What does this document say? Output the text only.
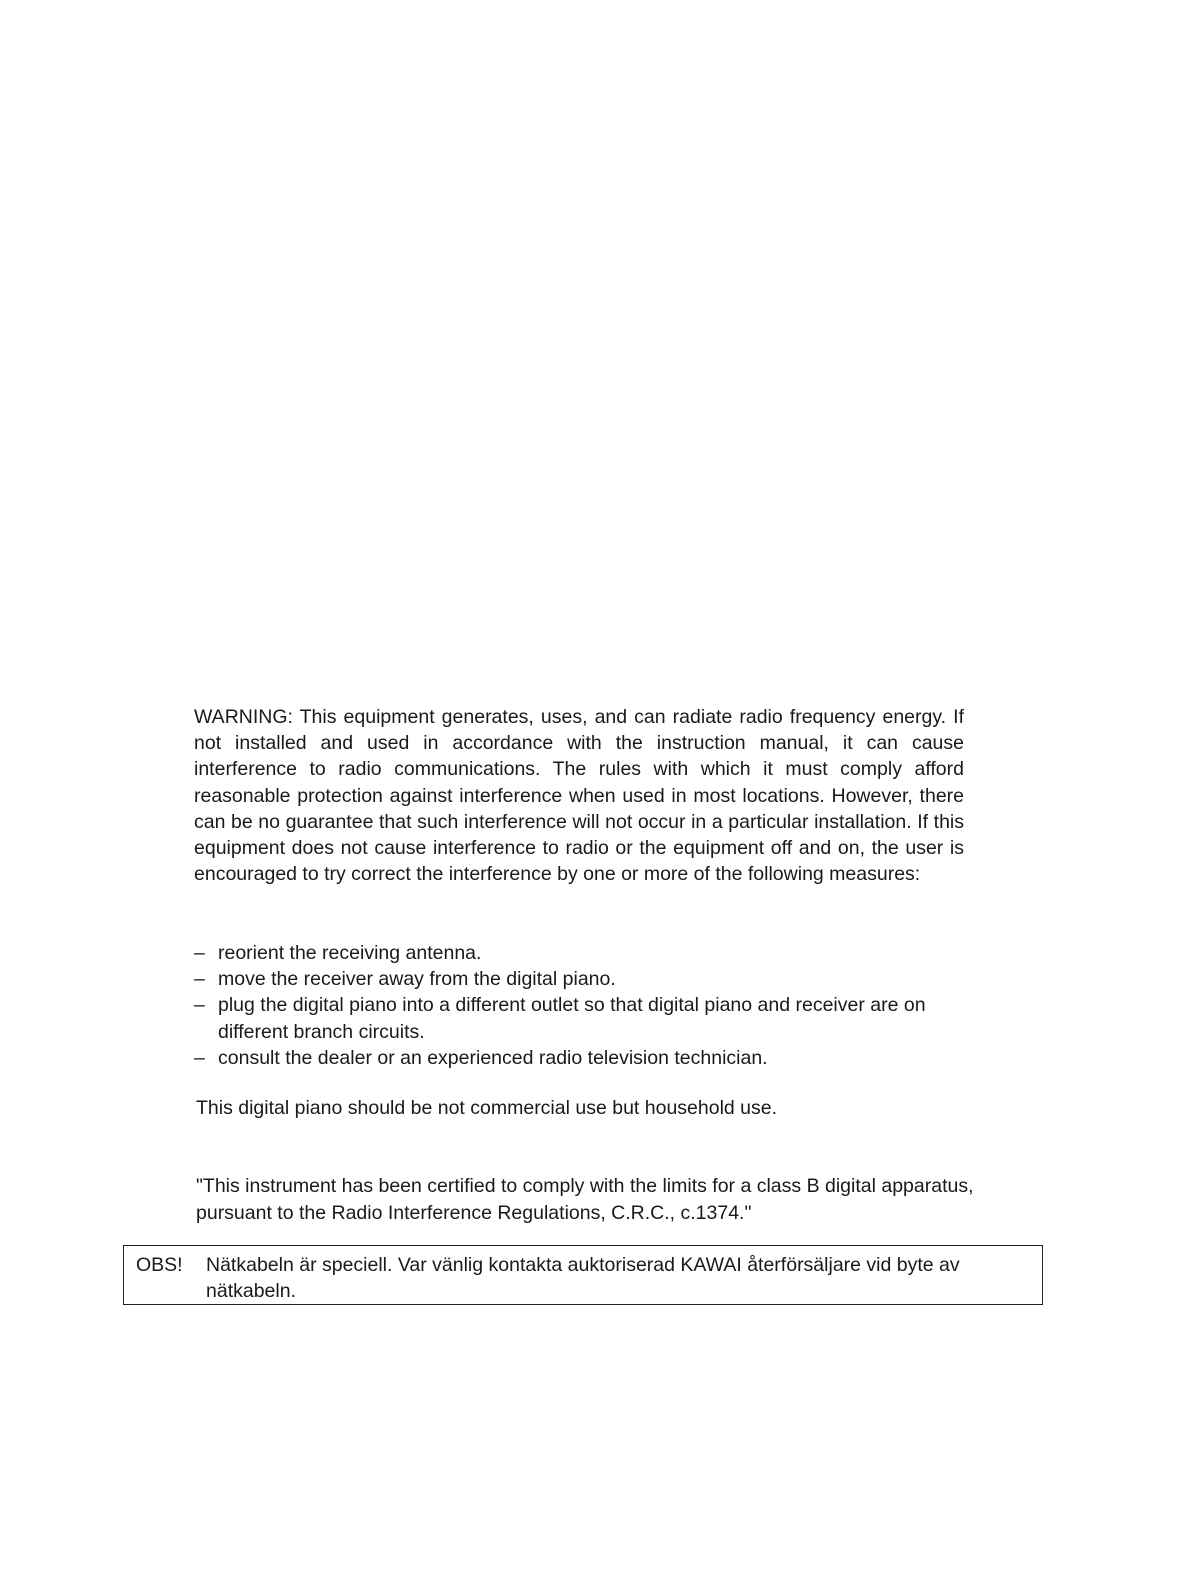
WARNING: This equipment generates, uses, and can radiate radio frequency energy. If not installed and used in accordance with the instruction manual, it can cause interference to radio communications. The rules with which it must comply afford reasonable protection against interference when used in most locations. However, there can be no guarantee that such interference will not occur in a particular installation. If this equipment does not cause interference to radio or the equipment off and on, the user is encouraged to try correct the interference by one or more of the following measures:

– reorient the receiving antenna.
– move the receiver away from the digital piano.
– plug the digital piano into a different outlet so that digital piano and receiver are on different branch circuits.
– consult the dealer or an experienced radio television technician.

This digital piano should be not commercial use but household use.

"This instrument has been certified to comply with the limits for a class B digital apparatus, pursuant to the Radio Interference Regulations, C.R.C., c.1374."

OBS! Nätkabeln är speciell. Var vänlig kontakta auktoriserad KAWAI återförsäljare vid byte av nätkabeln.
